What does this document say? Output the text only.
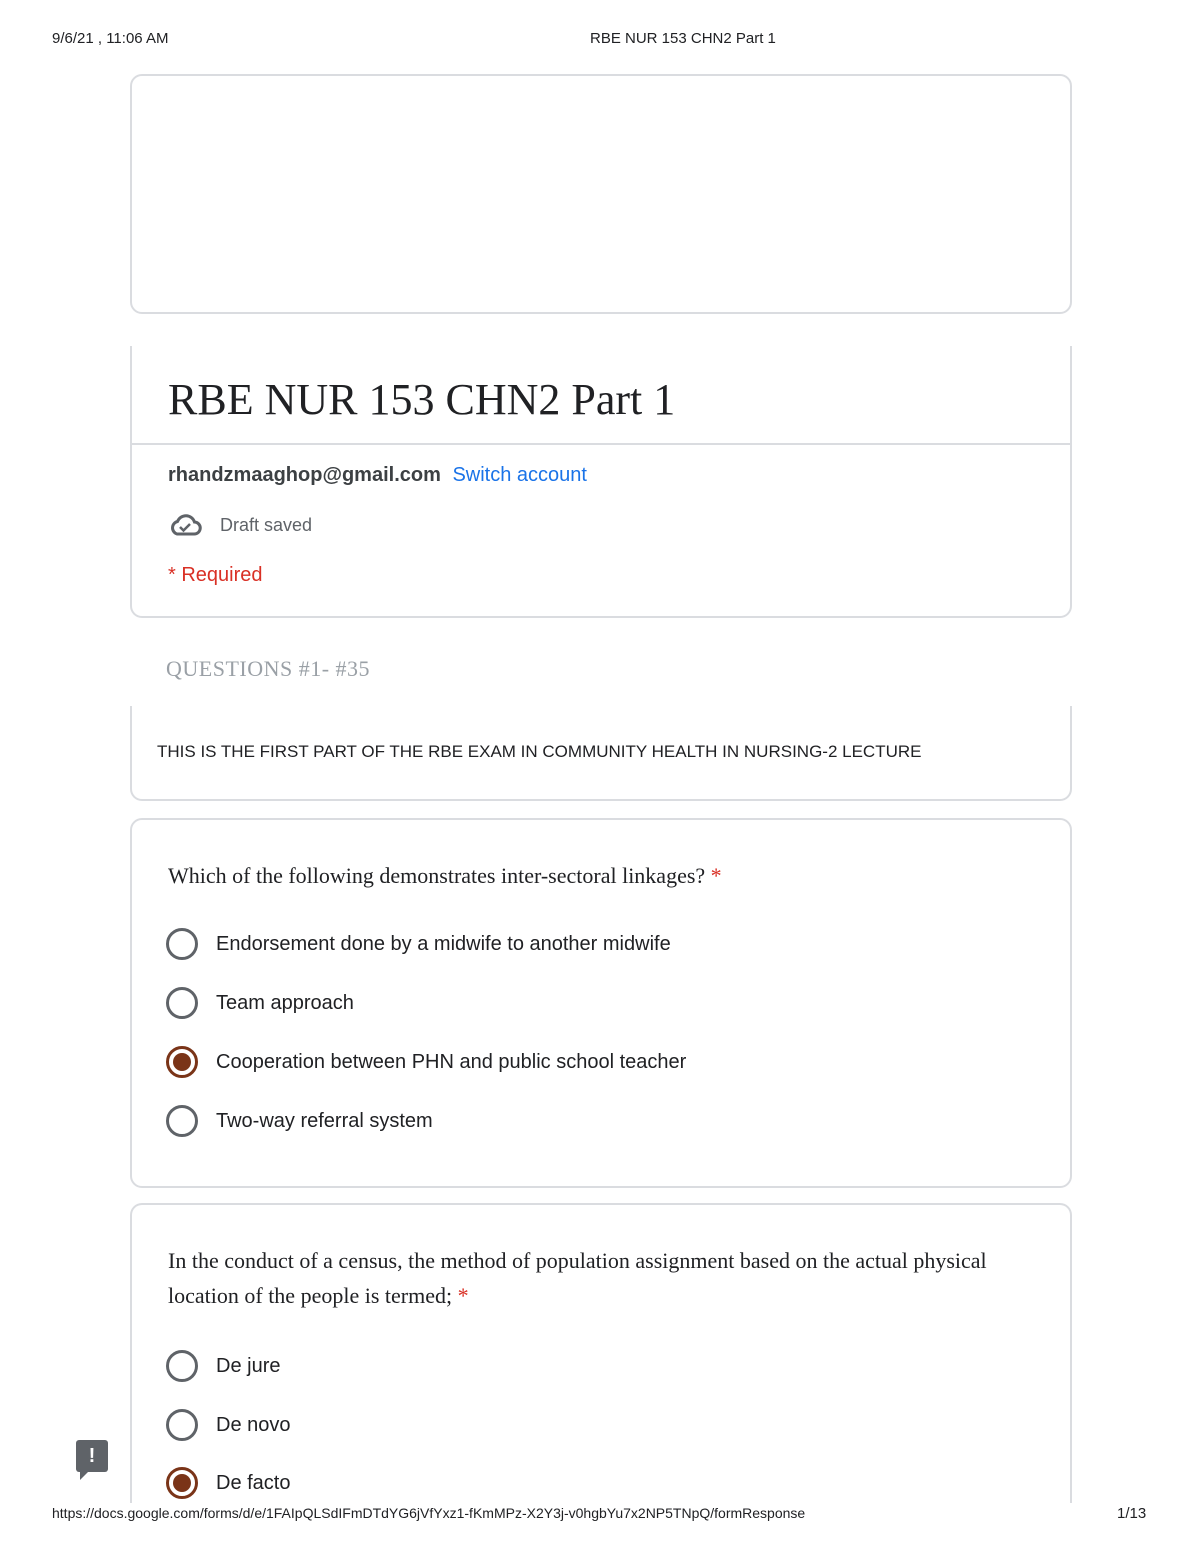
9/6/21 , 11:06 AM	RBE NUR 153 CHN2 Part 1
RBE NUR 153 CHN2 Part 1
rhandzmaaghop@gmail.com Switch account
Draft saved
* Required
QUESTIONS #1- #35
THIS IS THE FIRST PART OF THE RBE EXAM IN COMMUNITY HEALTH IN NURSING-2 LECTURE
Which of the following demonstrates inter-sectoral linkages? *
Endorsement done by a midwife to another midwife
Team approach
Cooperation between PHN and public school teacher
Two-way referral system
In the conduct of a census, the method of population assignment based on the actual physical
location of the people is termed; *
De jure
De novo
De facto
!
https://docs.google.com/forms/d/e/1FAIpQLSdIFmDTdYG6jVfYxz1-fKmMPz-X2Y3j-v0hgbYu7x2NP5TNpQ/formResponse	1/13
